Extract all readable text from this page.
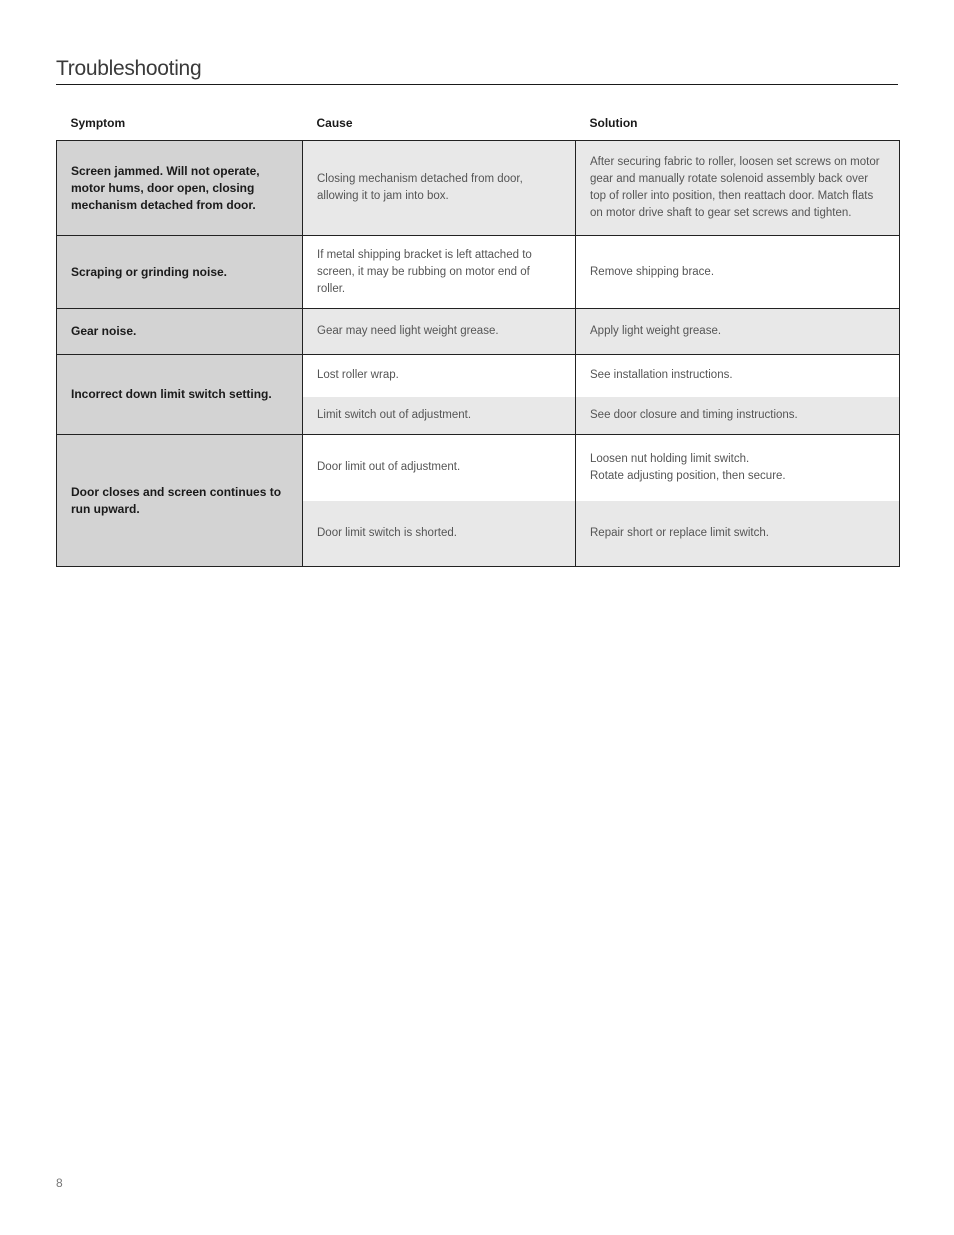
Troubleshooting
Symptom	Cause	Solution
Screen jammed. Will not operate, motor hums, door open, closing mechanism detached from door.	Closing mechanism detached from door, allowing it to jam into box.	After securing fabric to roller, loosen set screws on motor gear and manually rotate solenoid assembly back over top of roller into position, then reattach door. Match flats on motor drive shaft to gear set screws and tighten.
Scraping or grinding noise.	If metal shipping bracket is left attached to screen, it may be rubbing on motor end of roller.	Remove shipping brace.
Gear noise.	Gear may need light weight grease.	Apply light weight grease.
Incorrect down limit switch setting.	Lost roller wrap.	See installation instructions.
	Limit switch out of adjustment.	See door closure and timing instructions.
Door closes and screen continues to run upward.	Door limit out of adjustment.	Loosen nut holding limit switch.
Rotate adjusting position, then secure.

	Door limit switch is shorted.	Repair short or replace limit switch.
8
